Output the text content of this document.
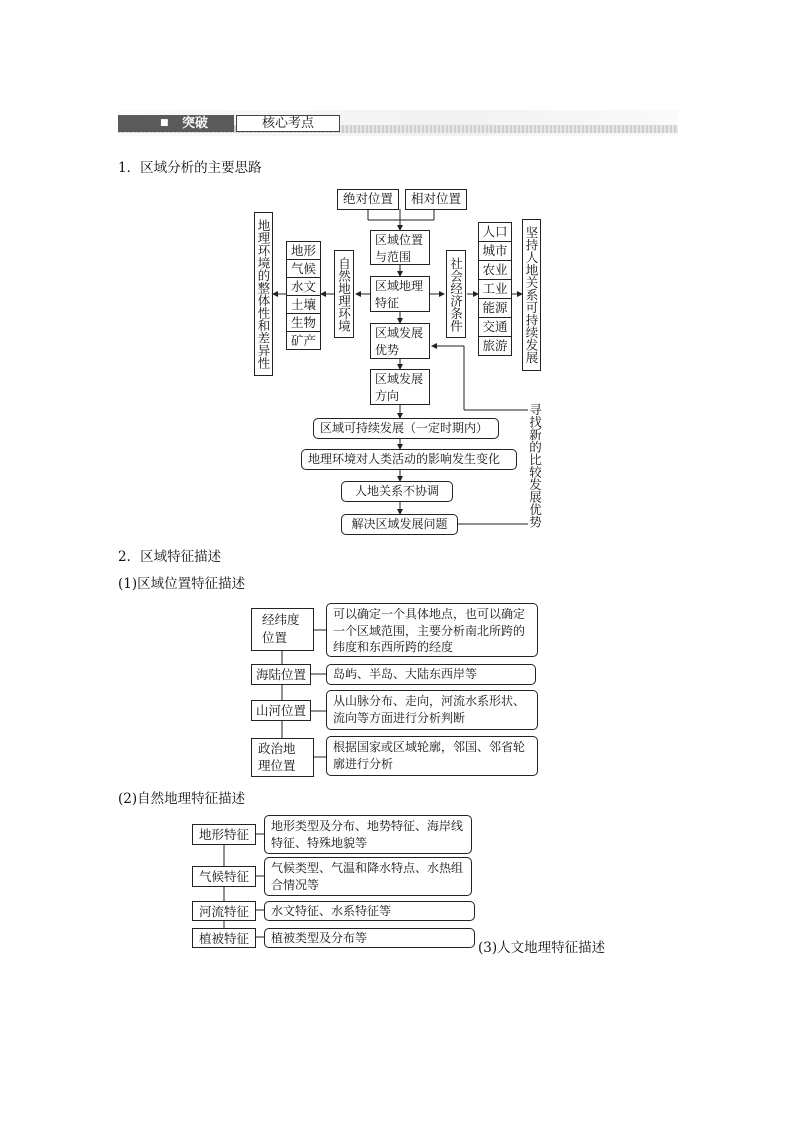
■ 突破	核心考点
1．区域分析的主要思路
绝对位置	相对位置
区域位置与范围
区域地理特征
区域发展优势
区域发展方向
区域可持续发展（一定时期内）
地理环境对人类活动的影响发生变化
人地关系不协调
解决区域发展问题
地理环境的整体性和差异性	地形
气候
水文
土壤
生物
矿产
自然地理环境	社会经济条件
人口
城市
农业
工业
能源
交通
旅游	坚持人地关系可持续发展
寻找新的比较发展优势
2．区域特征描述
(1)区域位置特征描述
经纬度位置
可以确定一个具体地点，也可以确定一个区域范围，主要分析南北所跨的纬度和东西所跨的经度
海陆位置	岛屿、半岛、大陆东西岸等
山河位置
从山脉分布、走向，河流水系形状、流向等方面进行分析判断
政治地理位置
根据国家或区域轮廓，邻国、邻省轮廓进行分析
(2)自然地理特征描述
地形特征
地形类型及分布、地势特征、海岸线特征、特殊地貌等
气候特征
气候类型、气温和降水特点、水热组合情况等
河流特征	水文特征、水系特征等
植被特征	植被类型及分布等
(3)人文地理特征描述
